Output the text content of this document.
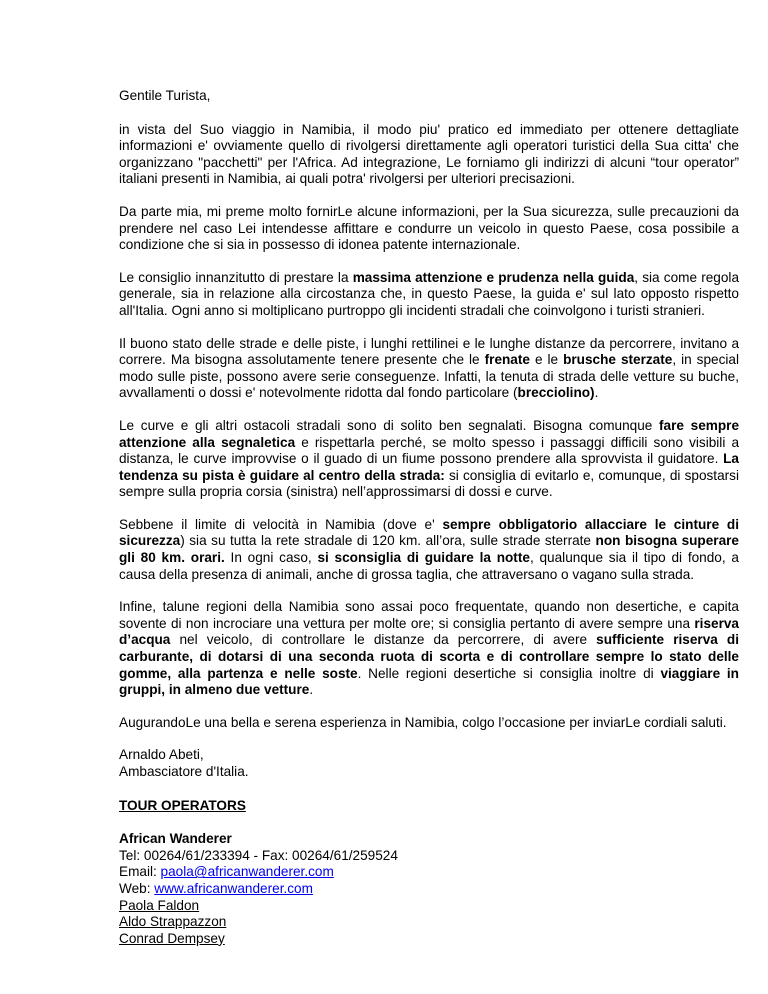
Gentile Turista,

in vista del Suo viaggio in Namibia, il modo piu' pratico ed immediato per ottenere dettagliate informazioni e' ovviamente quello di rivolgersi direttamente agli operatori turistici della Sua citta' che organizzano "pacchetti" per l'Africa. Ad integrazione, Le forniamo gli indirizzi di alcuni “tour operator” italiani presenti in Namibia, ai quali potra' rivolgersi per ulteriori precisazioni.

Da parte mia, mi preme molto fornirLe alcune informazioni, per la Sua sicurezza, sulle precauzioni da prendere nel caso Lei intendesse affittare e condurre un veicolo in questo Paese, cosa possibile a condizione che si sia in possesso di idonea patente internazionale.

Le consiglio innanzitutto di prestare la massima attenzione e prudenza nella guida, sia come regola generale, sia in relazione alla circostanza che, in questo Paese, la guida e' sul lato opposto rispetto all'Italia. Ogni anno si moltiplicano purtroppo gli incidenti stradali che coinvolgono i turisti stranieri.

Il buono stato delle strade e delle piste, i lunghi rettilinei e le lunghe distanze da percorrere, invitano a correre. Ma bisogna assolutamente tenere presente che le frenate e le brusche sterzate, in special modo sulle piste, possono avere serie conseguenze. Infatti, la tenuta di strada delle vetture su buche, avvallamenti o dossi e' notevolmente ridotta dal fondo particolare (brecciolino).

Le curve e gli altri ostacoli stradali sono di solito ben segnalati. Bisogna comunque fare sempre attenzione alla segnaletica e rispettarla perché, se molto spesso i passaggi difficili sono visibili a distanza, le curve improvvise o il guado di un fiume possono prendere alla sprovvista il guidatore. La tendenza su pista è guidare al centro della strada: si consiglia di evitarlo e, comunque, di spostarsi sempre sulla propria corsia (sinistra) nell’approssimarsi di dossi e curve.

Sebbene il limite di velocità in Namibia (dove e' sempre obbligatorio allacciare le cinture di sicurezza) sia su tutta la rete stradale di 120 km. all’ora, sulle strade sterrate non bisogna superare gli 80 km. orari. In ogni caso, si sconsiglia di guidare la notte, qualunque sia il tipo di fondo, a causa della presenza di animali, anche di grossa taglia, che attraversano o vagano sulla strada.

Infine, talune regioni della Namibia sono assai poco frequentate, quando non desertiche, e capita sovente di non incrociare una vettura per molte ore; si consiglia pertanto di avere sempre una riserva d’acqua nel veicolo, di controllare le distanze da percorrere, di avere sufficiente riserva di carburante, di dotarsi di una seconda ruota di scorta e di controllare sempre lo stato delle gomme, alla partenza e nelle soste. Nelle regioni desertiche si consiglia inoltre di viaggiare in gruppi, in almeno due vetture.

AugurandoLe una bella e serena esperienza in Namibia, colgo l’occasione per inviarLe cordiali saluti.

Arnaldo Abeti,
Ambasciatore d'Italia.
TOUR OPERATORS
African Wanderer
Tel: 00264/61/233394 - Fax: 00264/61/259524
Email: paola@africanwanderer.com
Web: www.africanwanderer.com
Paola Faldon
Aldo Strappazzon
Conrad Dempsey
